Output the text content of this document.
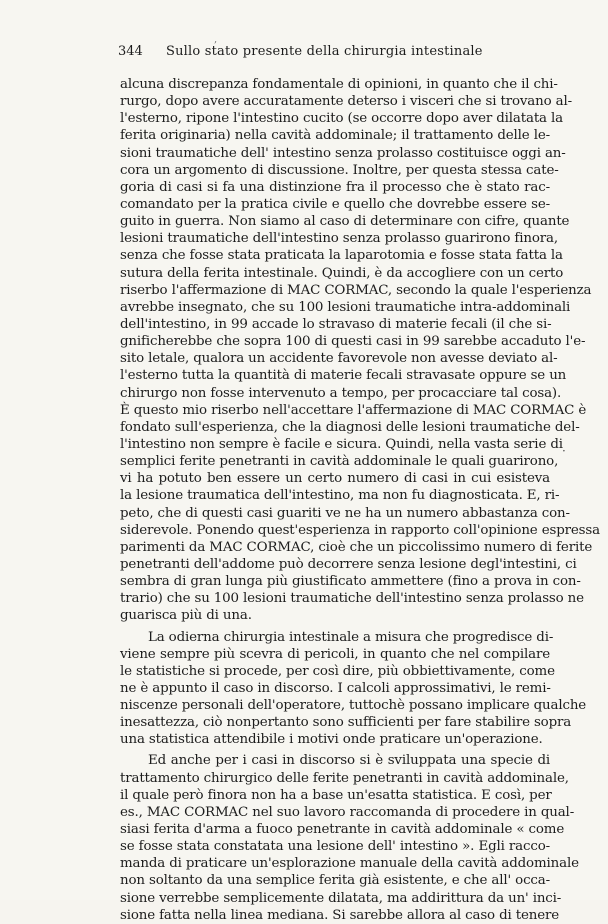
,
344 Sullo stato presente della chirurgia intestinale
alcuna discrepanza fondamentale di opinioni, in quanto che il chi-
rurgo, dopo avere accuratamente deterso i visceri che si trovano al-
l'esterno, ripone l'intestino cucito (se occorre dopo aver dilatata la
ferita originaria) nella cavità addominale; il trattamento delle le-
sioni traumatiche dell' intestino senza prolasso costituisce oggi an-
cora un argomento di discussione. Inoltre, per questa stessa cate-
goria di casi si fa una distinzione fra il processo che è stato rac-
comandato per la pratica civile e quello che dovrebbe essere se-
guito in guerra. Non siamo al caso di determinare con cifre, quante
lesioni traumatiche dell'intestino senza prolasso guarirono finora,
senza che fosse stata praticata la laparotomia e fosse stata fatta la
sutura della ferita intestinale. Quindi, è da accogliere con un certo
riserbo l'affermazione di MAC CORMAC, secondo la quale l'esperienza
avrebbe insegnato, che su 100 lesioni traumatiche intra-addominali
dell'intestino, in 99 accade lo stravaso di materie fecali (il che si-
gnificherebbe che sopra 100 di questi casi in 99 sarebbe accaduto l'e-
sito letale, qualora un accidente favorevole non avesse deviato al-
l'esterno tutta la quantità di materie fecali stravasate oppure se un
chirurgo non fosse intervenuto a tempo, per procacciare tal cosa).
È questo mio riserbo nell'accettare l'affermazione di MAC CORMAC è
fondato sull'esperienza, che la diagnosi delle lesioni traumatiche del-
l'intestino non sempre è facile e sicura. Quindi, nella vasta serie di
semplici ferite penetranti in cavità addominale le quali guarirono,
vi ha potuto ben essere un certo numero di casi in cui esisteva
la lesione traumatica dell'intestino, ma non fu diagnosticata. E, ri-
peto, che di questi casi guariti ve ne ha un numero abbastanza con-
siderevole. Ponendo quest'esperienza in rapporto coll'opinione espressa
parimenti da MAC CORMAC, cioè che un piccolissimo numero di ferite
penetranti dell'addome può decorrere senza lesione degl'intestini, ci
sembra di gran lunga più giustificato ammettere (fino a prova in con-
trario) che su 100 lesioni traumatiche dell'intestino senza prolasso ne
guarisca più di una.
La odierna chirurgia intestinale a misura che progredisce di-
viene sempre più scevra di pericoli, in quanto che nel compilare
le statistiche si procede, per così dire, più obbiettivamente, come
ne è appunto il caso in discorso. I calcoli approssimativi, le remi-
niscenze personali dell'operatore, tuttochè possano implicare qualche
inesattezza, ciò nonpertanto sono sufficienti per fare stabilire sopra
una statistica attendibile i motivi onde praticare un'operazione.
Ed anche per i casi in discorso si è sviluppata una specie di
trattamento chirurgico delle ferite penetranti in cavità addominale,
il quale però finora non ha a base un'esatta statistica. E così, per
es., MAC CORMAC nel suo lavoro raccomanda di procedere in qual-
siasi ferita d'arma a fuoco penetrante in cavità addominale « come
se fosse stata constatata una lesione dell' intestino ». Egli racco-
manda di praticare un'esplorazione manuale della cavità addominale
non soltanto da una semplice ferita già esistente, e che all' occa-
sione verrebbe semplicemente dilatata, ma addirittura da un' inci-
sione fatta nella linea mediana. Si sarebbe allora al caso di tenere
·
